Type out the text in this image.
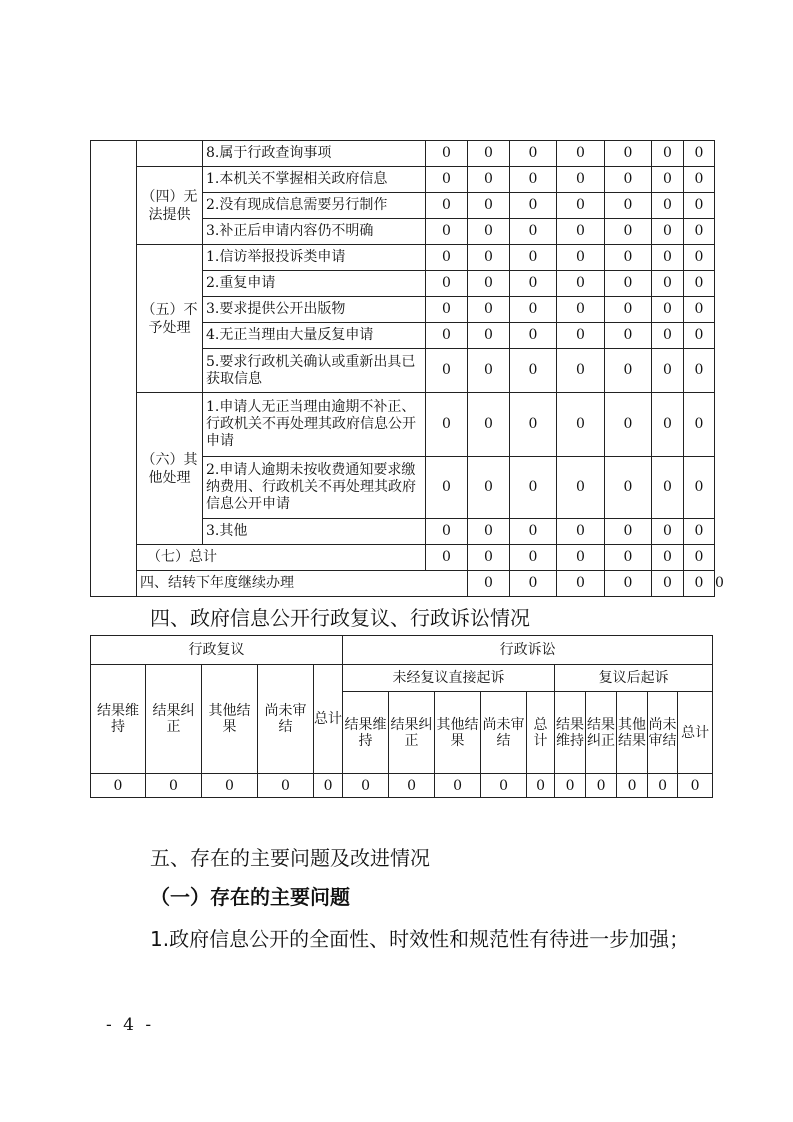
		8.属于行政查询事项	0	0	0	0	0	0	0	
	（四）无法提供	1.本机关不掌握相关政府信息	0	0	0	0	0	0	0	
		2.没有现成信息需要另行制作	0	0	0	0	0	0	0	
		3.补正后申请内容仍不明确	0	0	0	0	0	0	0	
	（五）不予处理	1.信访举报投诉类申请	0	0	0	0	0	0	0	
		2.重复申请	0	0	0	0	0	0	0	
		3.要求提供公开出版物	0	0	0	0	0	0	0	
		4.无正当理由大量反复申请	0	0	0	0	0	0	0	
		5.要求行政机关确认或重新出具已获取信息	0	0	0	0	0	0	0	
	（六）其他处理	1.申请人无正当理由逾期不补正、行政机关不再处理其政府信息公开申请	0	0	0	0	0	0	0	
		2.申请人逾期未按收费通知要求缴纳费用、行政机关不再处理其政府信息公开申请	0	0	0	0	0	0	0	
		3.其他	0	0	0	0	0	0	0	
	（七）总计		0	0	0	0	0	0	0	
	四、结转下年度继续办理			0	0	0	0	0	0	0
四、政府信息公开行政复议、行政诉讼情况
行政复议					行政诉讼									
结果维持	结果纠正	其他结果	尚未审结	总计	未经复议直接起诉					复议后起诉				
					结果维持	结果纠正	其他结果	尚未审结	总计	结果维持	结果纠正	其他结果	尚未审结	总计
0	0	0	0	0	0	0	0	0	0	0	0	0	0	0

五、存在的主要问题及改进情况

（一）存在的主要问题

1.政府信息公开的全面性、时效性和规范性有待进一步加强；

- 4 -
